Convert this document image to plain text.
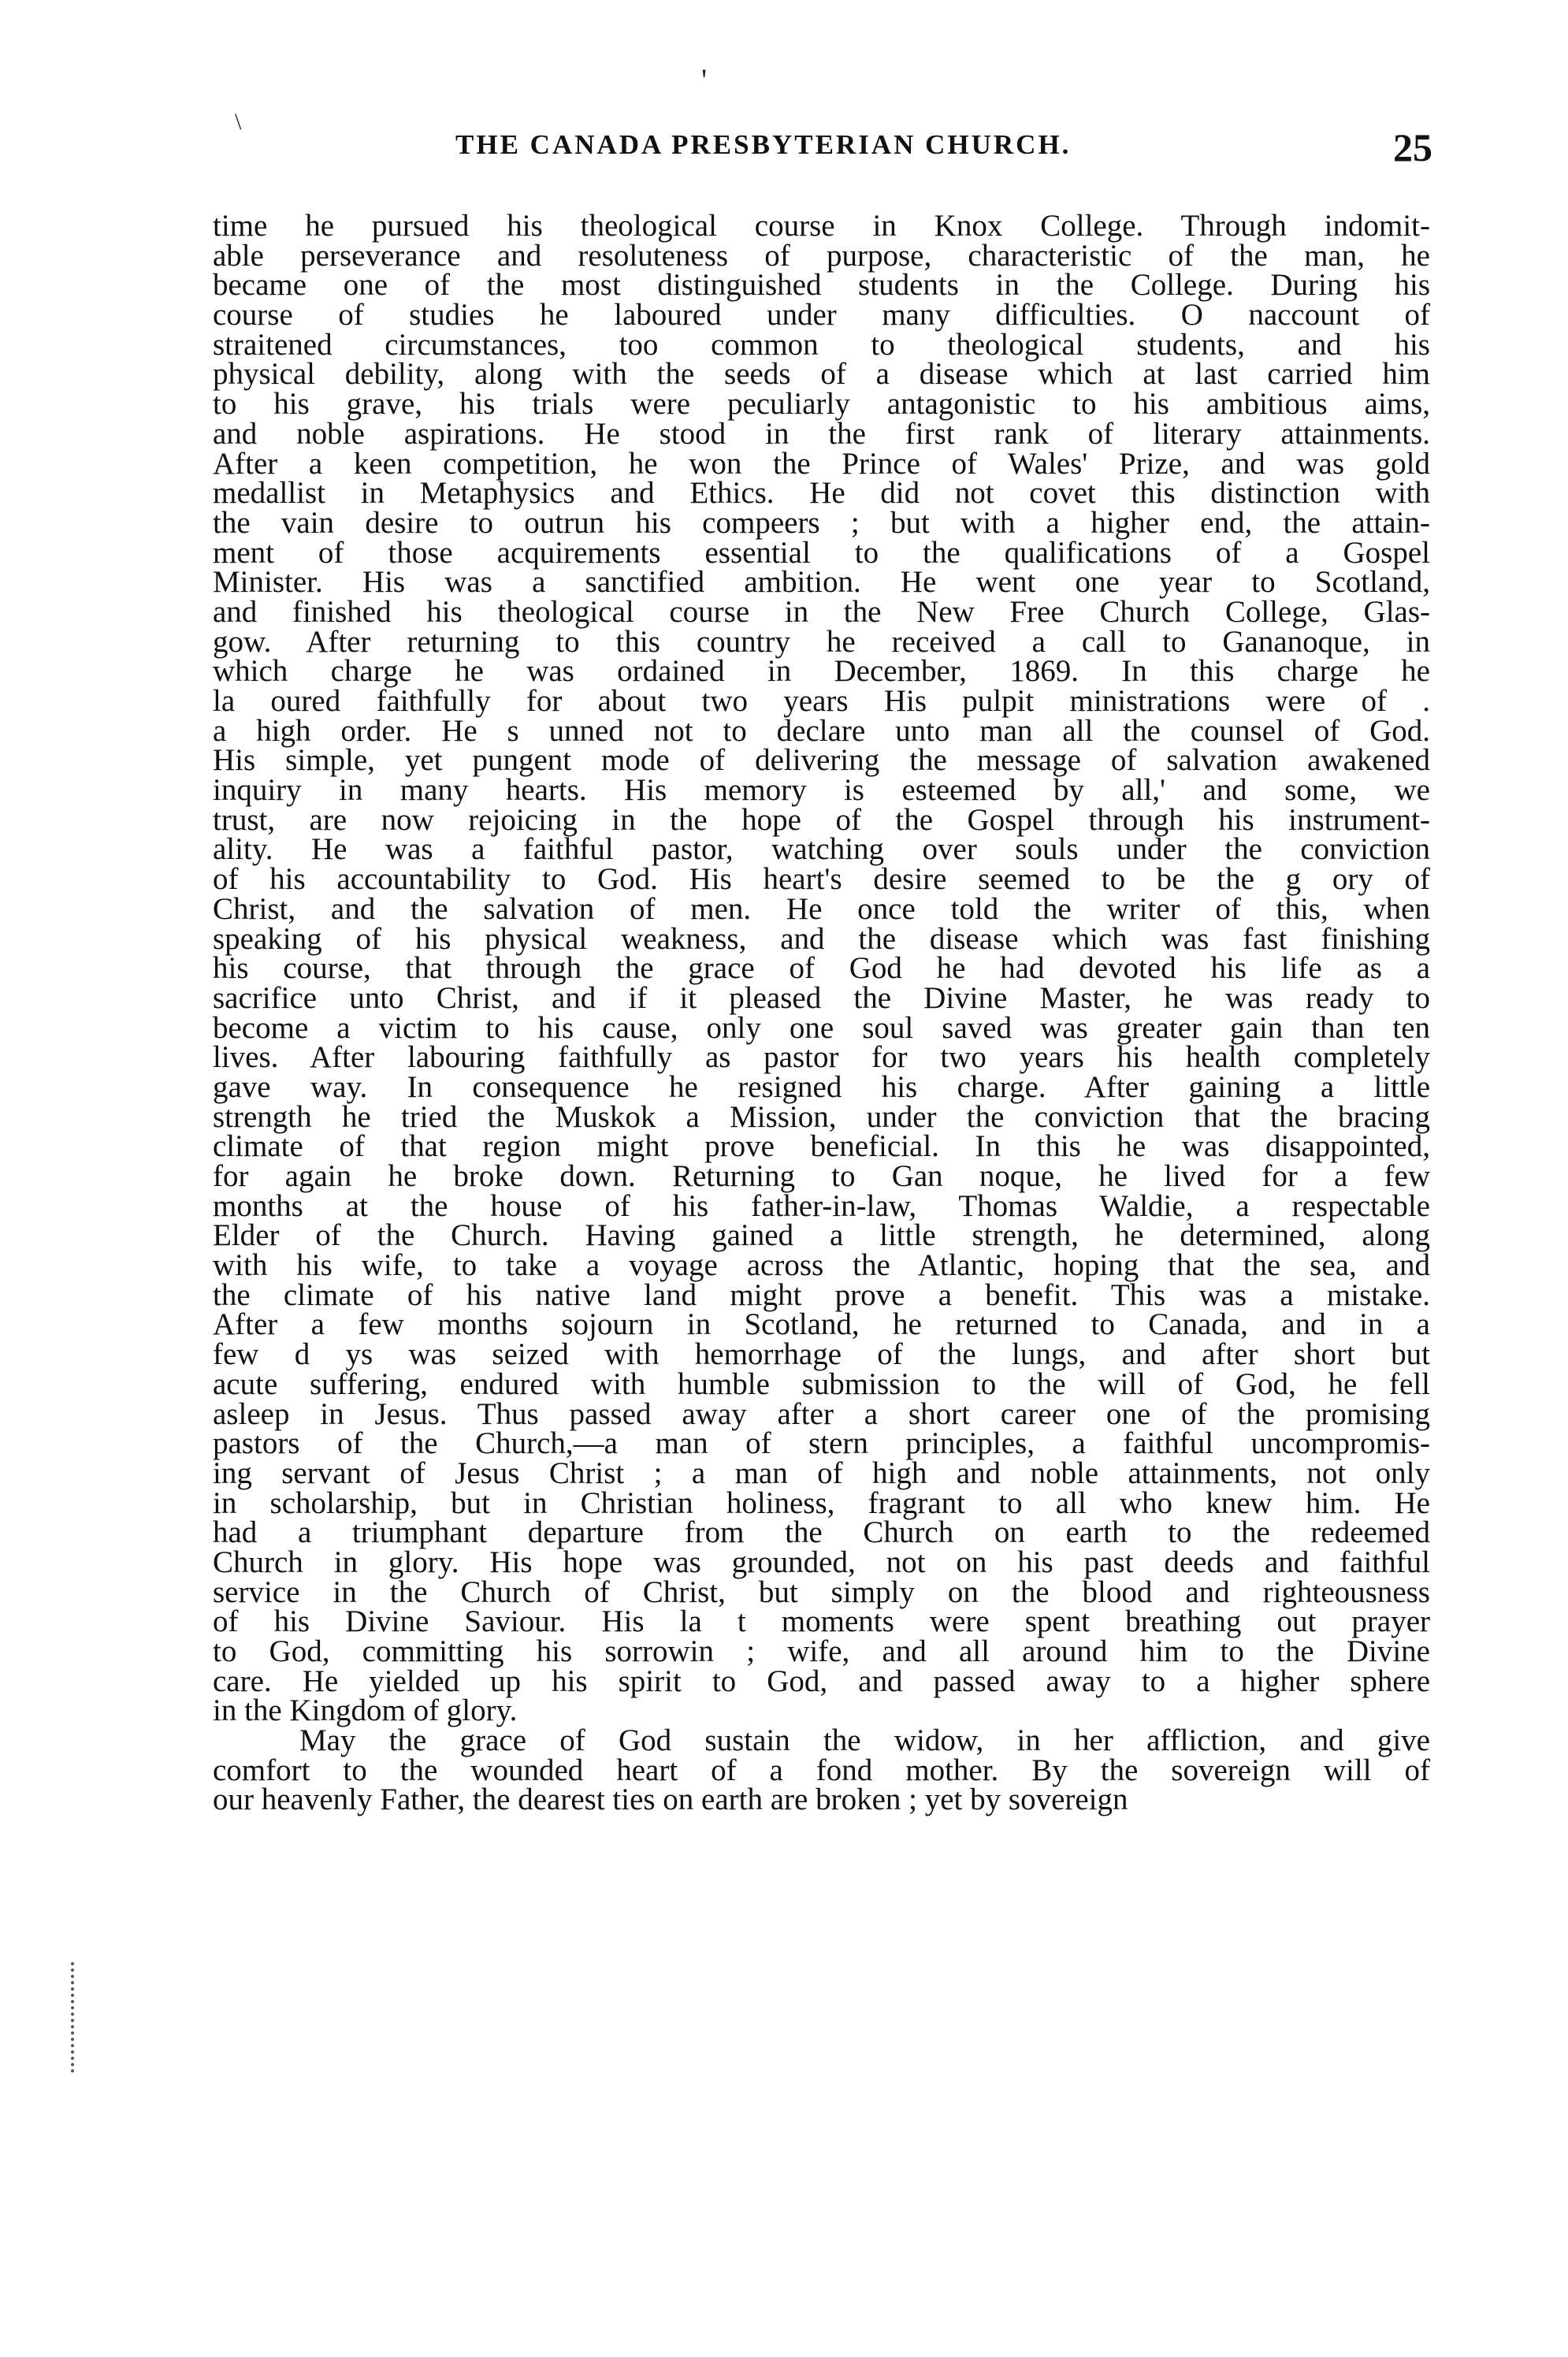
'
\
THE CANADA PRESBYTERIAN CHURCH.	25
time he pursued his theological course in Knox College. Through indomit-
able perseverance and resoluteness of purpose, characteristic of the man, he
became one of the most distinguished students in the College. During his
course of studies he laboured under many difficulties. O naccount of
straitened circumstances, too common to theological students, and his
physical debility, along with the seeds of a disease which at last carried him
to his grave, his trials were peculiarly antagonistic to his ambitious aims,
and noble aspirations. He stood in the first rank of literary attainments.
After a keen competition, he won the Prince of Wales' Prize, and was gold
medallist in Metaphysics and Ethics. He did not covet this distinction with
the vain desire to outrun his compeers ; but with a higher end, the attain-
ment of those acquirements essential to the qualifications of a Gospel
Minister. His was a sanctified ambition. He went one year to Scotland,
and finished his theological course in the New Free Church College, Glas-
gow. After returning to this country he received a call to Gananoque, in
which charge he was ordained in December, 1869. In this charge he
la oured faithfully for about two years His pulpit ministrations were of .
a high order. He s unned not to declare unto man all the counsel of God.
His simple, yet pungent mode of delivering the message of salvation awakened
inquiry in many hearts. His memory is esteemed by all,' and some, we
trust, are now rejoicing in the hope of the Gospel through his instrument-
ality. He was a faithful pastor, watching over souls under the conviction
of his accountability to God. His heart's desire seemed to be the g ory of
Christ, and the salvation of men. He once told the writer of this, when
speaking of his physical weakness, and the disease which was fast finishing
his course, that through the grace of God he had devoted his life as a
sacrifice unto Christ, and if it pleased the Divine Master, he was ready to
become a victim to his cause, only one soul saved was greater gain than ten
lives. After labouring faithfully as pastor for two years his health completely
gave way. In consequence he resigned his charge. After gaining a little
strength he tried the Muskok a Mission, under the conviction that the bracing
climate of that region might prove beneficial. In this he was disappointed,
for again he broke down. Returning to Gan noque, he lived for a few
months at the house of his father-in-law, Thomas Waldie, a respectable
Elder of the Church. Having gained a little strength, he determined, along
with his wife, to take a voyage across the Atlantic, hoping that the sea, and
the climate of his native land might prove a benefit. This was a mistake.
After a few months sojourn in Scotland, he returned to Canada, and in a
few d ys was seized with hemorrhage of the lungs, and after short but
acute suffering, endured with humble submission to the will of God, he fell
asleep in Jesus. Thus passed away after a short career one of the promising
pastors of the Church,—a man of stern principles, a faithful uncompromis-
ing servant of Jesus Christ ; a man of high and noble attainments, not only
in scholarship, but in Christian holiness, fragrant to all who knew him. He
had a triumphant departure from the Church on earth to the redeemed
Church in glory. His hope was grounded, not on his past deeds and faithful
service in the Church of Christ, but simply on the blood and righteousness
of his Divine Saviour. His la t moments were spent breathing out prayer
to God, committing his sorrowin ; wife, and all around him to the Divine
care. He yielded up his spirit to God, and passed away to a higher sphere
in the Kingdom of glory.
May the grace of God sustain the widow, in her affliction, and give
comfort to the wounded heart of a fond mother. By the sovereign will of
our heavenly Father, the dearest ties on earth are broken ; yet by sovereign
